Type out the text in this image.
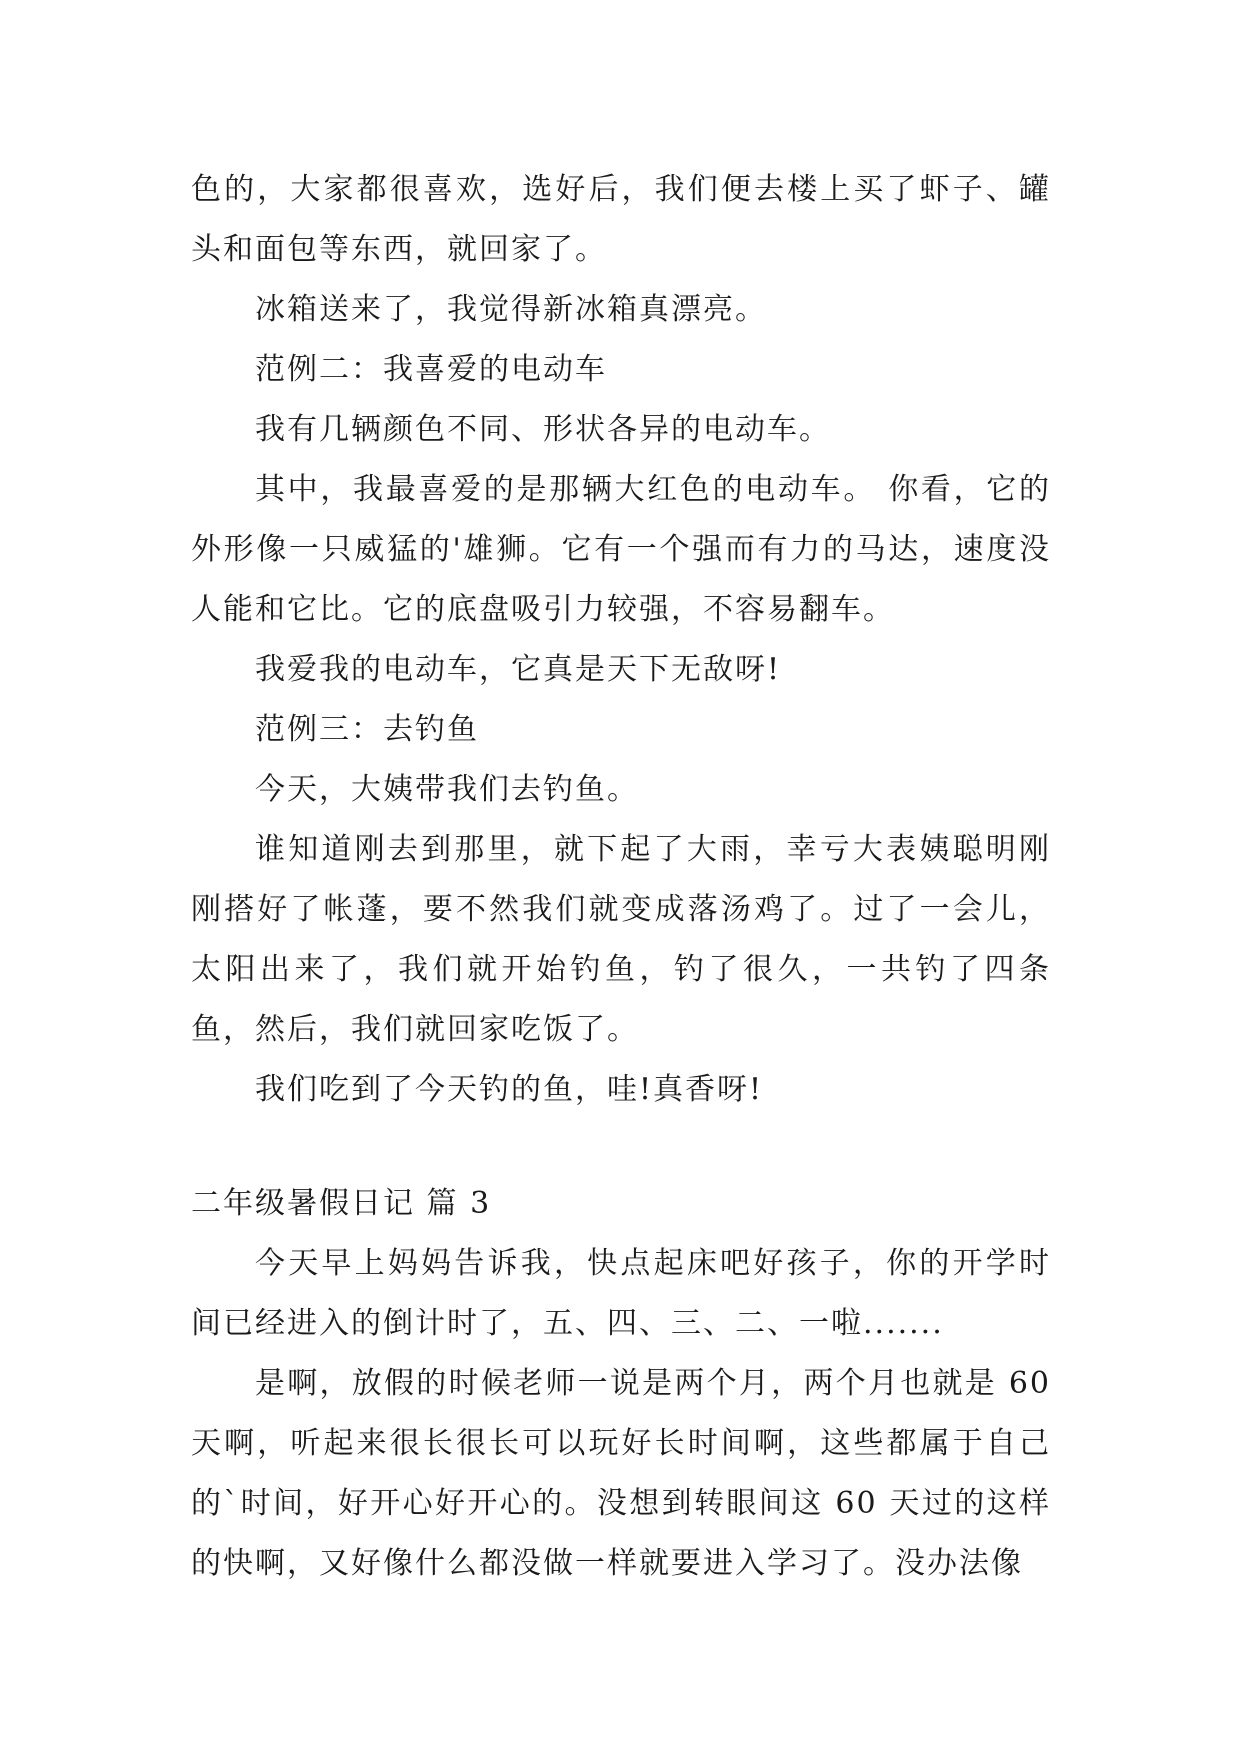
色的，大家都很喜欢，选好后，我们便去楼上买了虾子、罐头和面包等东西，就回家了。

冰箱送来了，我觉得新冰箱真漂亮。

范例二：我喜爱的电动车

我有几辆颜色不同、形状各异的电动车。

其中，我最喜爱的是那辆大红色的电动车。 你看，它的外形像一只威猛的'雄狮。它有一个强而有力的马达，速度没人能和它比。它的底盘吸引力较强，不容易翻车。

我爱我的电动车，它真是天下无敌呀!

范例三：去钓鱼

今天，大姨带我们去钓鱼。

谁知道刚去到那里，就下起了大雨，幸亏大表姨聪明刚刚搭好了帐蓬，要不然我们就变成落汤鸡了。过了一会儿，太阳出来了，我们就开始钓鱼，钓了很久，一共钓了四条鱼，然后，我们就回家吃饭了。

我们吃到了今天钓的鱼，哇!真香呀!

二年级暑假日记 篇 3

今天早上妈妈告诉我，快点起床吧好孩子，你的开学时间已经进入的倒计时了，五、四、三、二、一啦.......

是啊，放假的时候老师一说是两个月，两个月也就是 60 天啊，听起来很长很长可以玩好长时间啊，这些都属于自己的`时间，好开心好开心的。没想到转眼间这 60 天过的这样的快啊，又好像什么都没做一样就要进入学习了。没办法像
